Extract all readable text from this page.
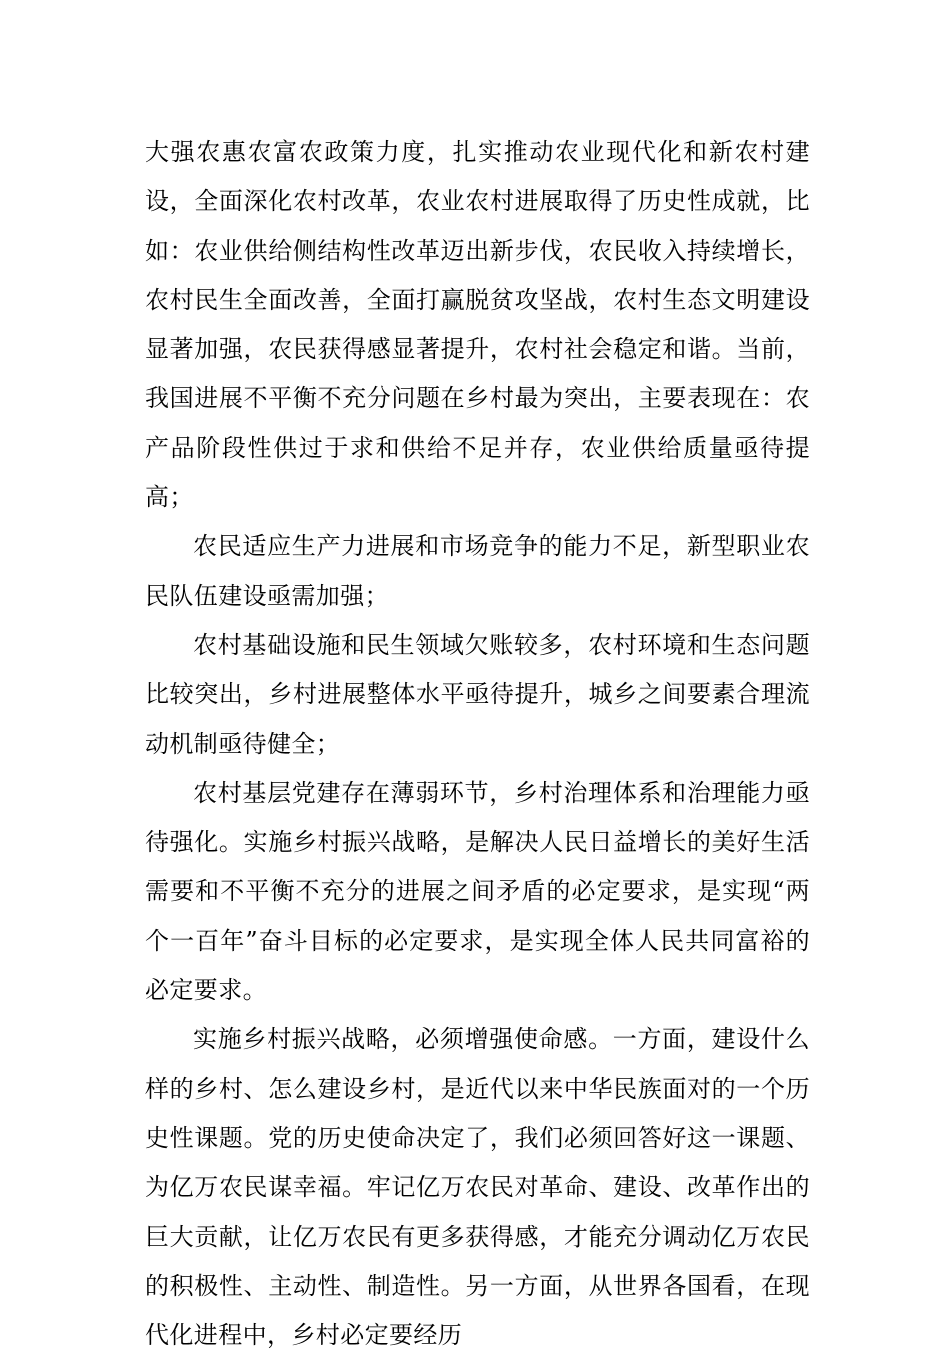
大强农惠农富农政策力度，扎实推动农业现代化和新农村建设，全面深化农村改革，农业农村进展取得了历史性成就，比如：农业供给侧结构性改革迈出新步伐，农民收入持续增长，农村民生全面改善，全面打赢脱贫攻坚战，农村生态文明建设显著加强，农民获得感显著提升，农村社会稳定和谐。当前，我国进展不平衡不充分问题在乡村最为突出，主要表现在：农产品阶段性供过于求和供给不足并存，农业供给质量亟待提高；

农民适应生产力进展和市场竞争的能力不足，新型职业农民队伍建设亟需加强；

农村基础设施和民生领域欠账较多，农村环境和生态问题比较突出，乡村进展整体水平亟待提升，城乡之间要素合理流动机制亟待健全；

农村基层党建存在薄弱环节，乡村治理体系和治理能力亟待强化。实施乡村振兴战略，是解决人民日益增长的美好生活需要和不平衡不充分的进展之间矛盾的必定要求，是实现“两个一百年”奋斗目标的必定要求，是实现全体人民共同富裕的必定要求。

实施乡村振兴战略，必须增强使命感。一方面，建设什么样的乡村、怎么建设乡村，是近代以来中华民族面对的一个历史性课题。党的历史使命决定了，我们必须回答好这一课题、为亿万农民谋幸福。牢记亿万农民对革命、建设、改革作出的巨大贡献，让亿万农民有更多获得感，才能充分调动亿万农民的积极性、主动性、制造性。另一方面，从世界各国看，在现代化进程中，乡村必定要经历
